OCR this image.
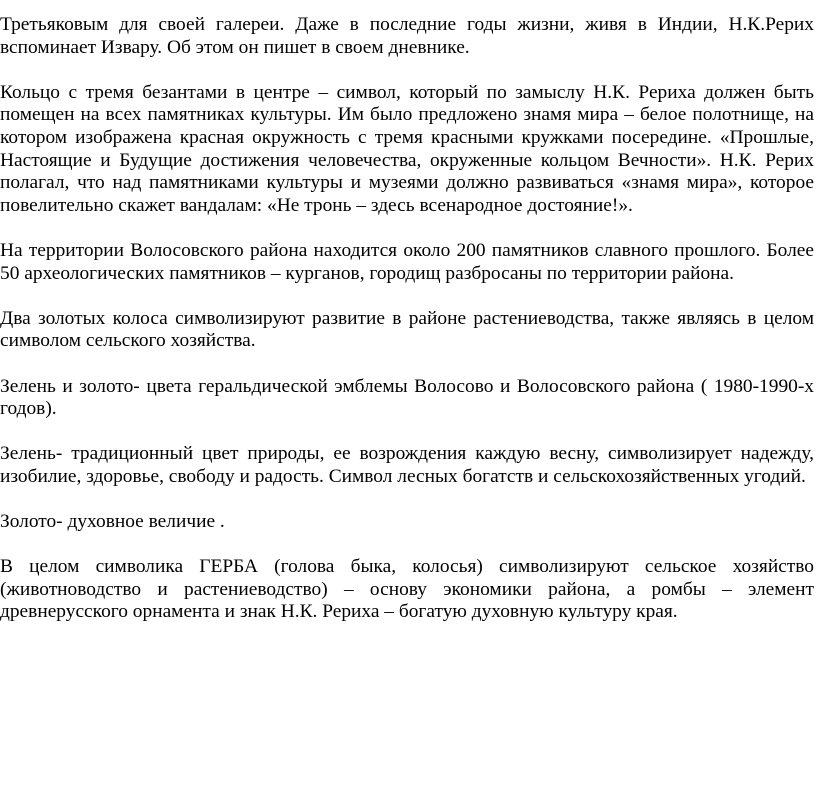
Третьяковым для своей галереи. Даже в последние годы жизни, живя в Индии, Н.К.Рерих вспоминает Извару. Об этом он пишет в своем дневнике.

Кольцо с тремя безантами в центре – символ, который по замыслу Н.К. Рериха должен быть помещен на всех памятниках культуры. Им было предложено знамя мира – белое полотнище, на котором изображена красная окружность с тремя красными кружками посередине. «Прошлые, Настоящие и Будущие достижения человечества, окруженные кольцом Вечности». Н.К. Рерих полагал, что над памятниками культуры и музеями должно развиваться «знамя мира», которое повелительно скажет вандалам: «Не тронь – здесь всенародное достояние!».

На территории Волосовского района находится около 200 памятников славного прошлого. Более 50 археологических памятников – курганов, городищ разбросаны по территории района.

Два золотых колоса символизируют развитие в районе растениеводства, также являясь в целом символом сельского хозяйства.

Зелень и золото- цвета геральдической эмблемы Волосово и Волосовского района ( 1980-1990-х годов).

Зелень- традиционный цвет природы, ее возрождения каждую весну, символизирует надежду, изобилие, здоровье, свободу и радость. Символ лесных богатств и сельскохозяйственных угодий.

Золото- духовное величие .

В целом символика ГЕРБА (голова быка, колосья) символизируют сельское хозяйство (животноводство и растениеводство) – основу экономики района, а ромбы – элемент древнерусского орнамента и знак Н.К. Рериха – богатую духовную культуру края.
